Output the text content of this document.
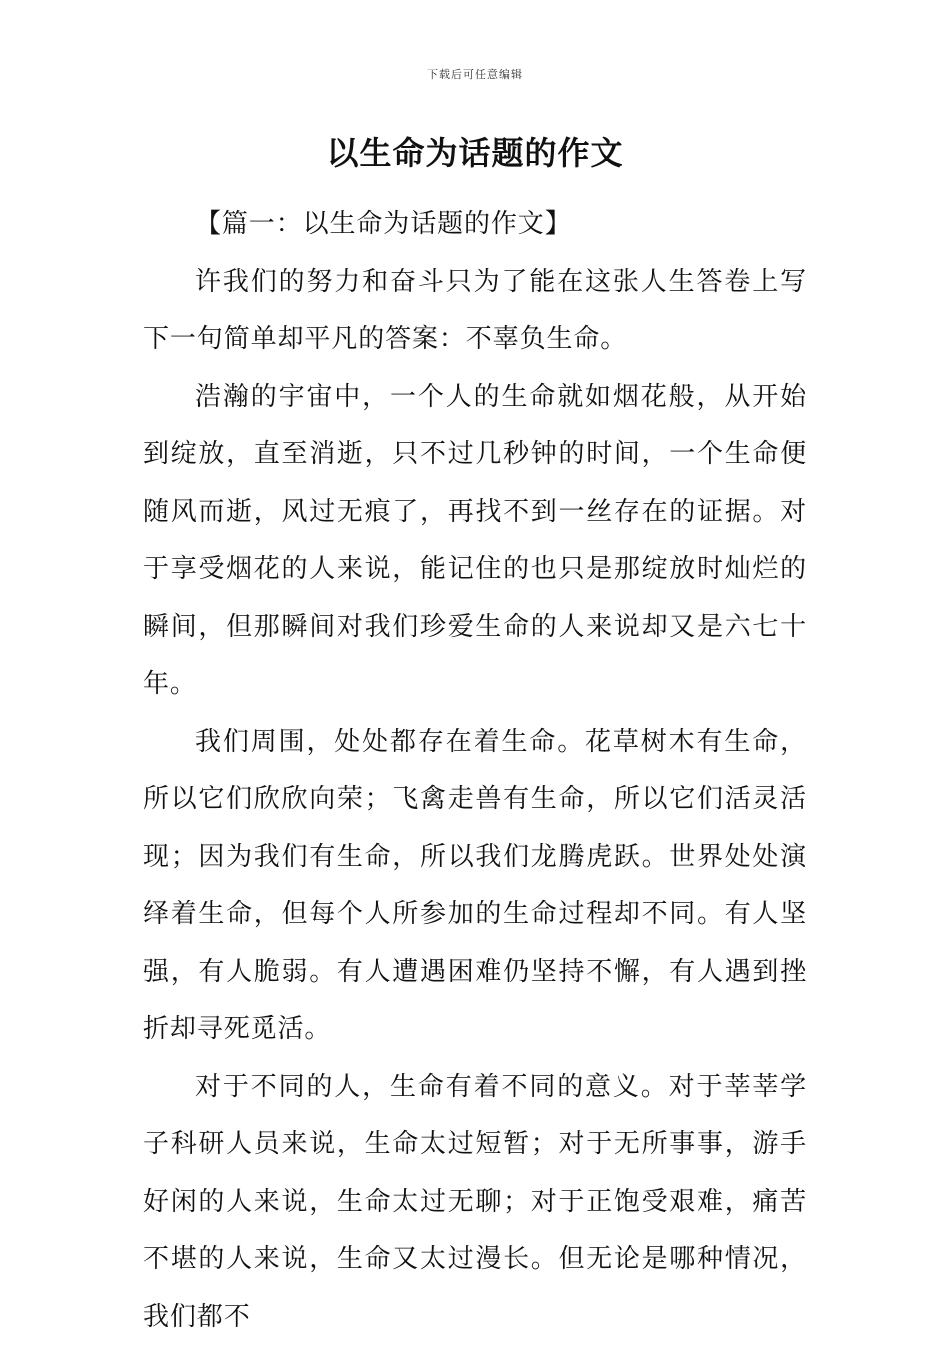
下载后可任意编辑
以生命为话题的作文

【篇一：以生命为话题的作文】

许我们的努力和奋斗只为了能在这张人生答卷上写下一句简单却平凡的答案：不辜负生命。

浩瀚的宇宙中，一个人的生命就如烟花般，从开始到绽放，直至消逝，只不过几秒钟的时间，一个生命便随风而逝，风过无痕了，再找不到一丝存在的证据。对于享受烟花的人来说，能记住的也只是那绽放时灿烂的瞬间，但那瞬间对我们珍爱生命的人来说却又是六七十年。

我们周围，处处都存在着生命。花草树木有生命，所以它们欣欣向荣；飞禽走兽有生命，所以它们活灵活现；因为我们有生命，所以我们龙腾虎跃。世界处处演绎着生命，但每个人所参加的生命过程却不同。有人坚强，有人脆弱。有人遭遇困难仍坚持不懈，有人遇到挫折却寻死觅活。

对于不同的人，生命有着不同的意义。对于莘莘学子科研人员来说，生命太过短暂；对于无所事事，游手好闲的人来说，生命太过无聊；对于正饱受艰难，痛苦不堪的人来说，生命又太过漫长。但无论是哪种情况，我们都不
